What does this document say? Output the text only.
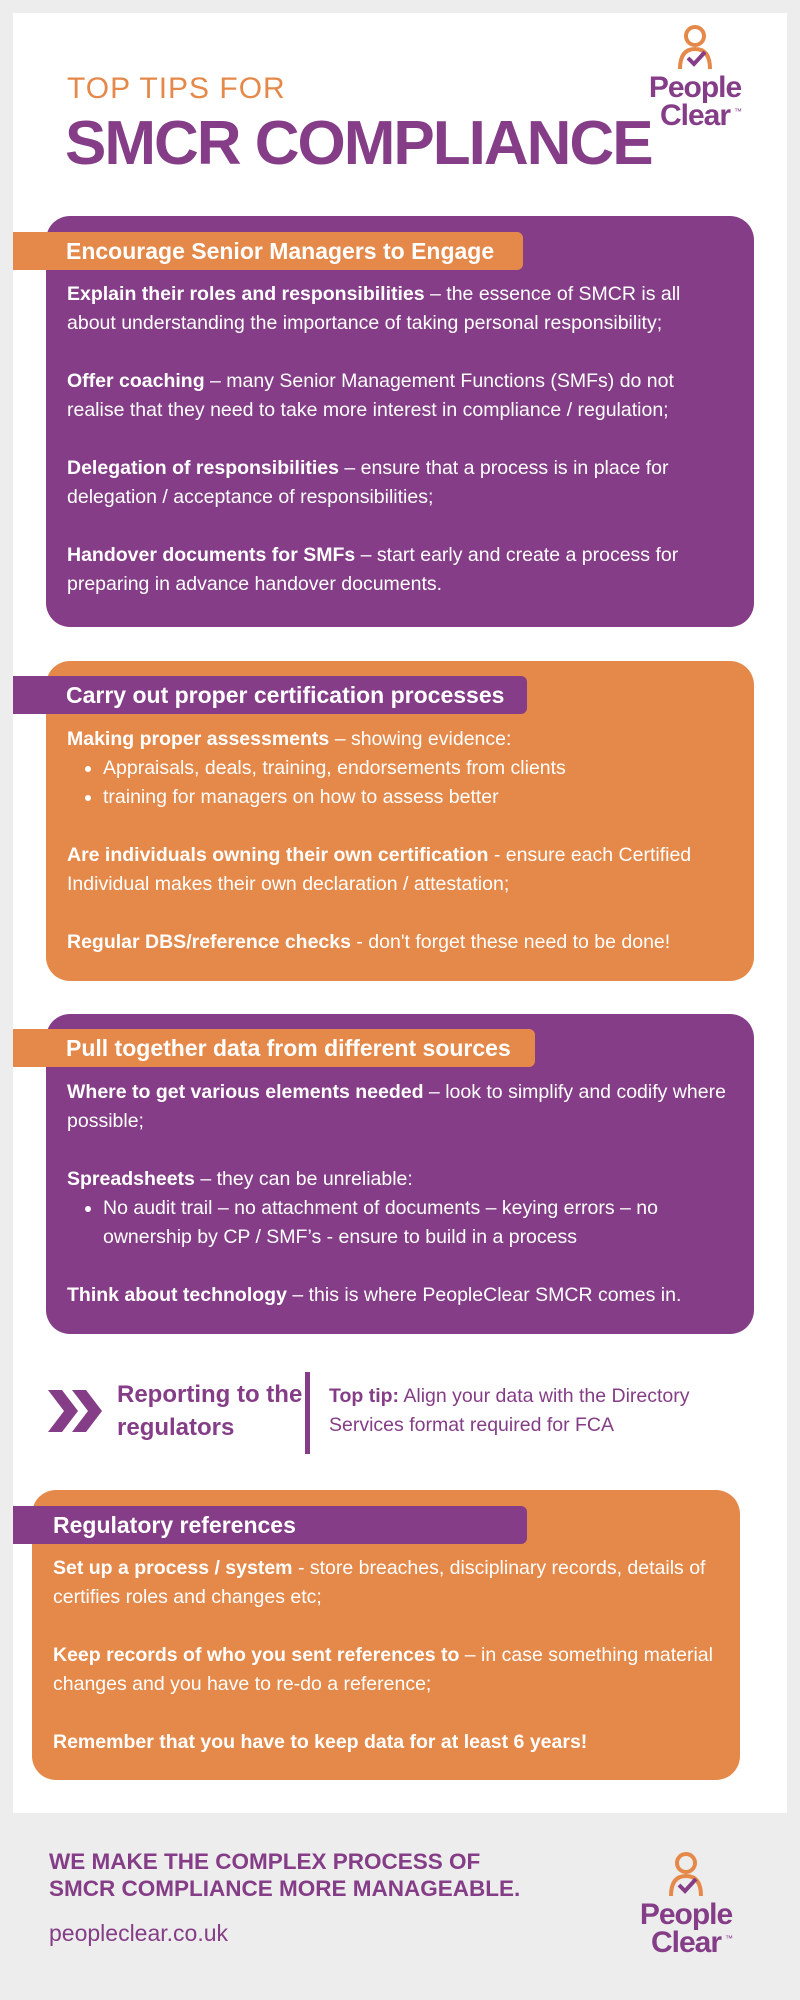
TOP TIPS FOR
SMCR COMPLIANCE
People
Clear ™
Encourage Senior Managers to Engage

Explain their roles and responsibilities – the essence of SMCR is all about understanding the importance of taking personal responsibility;

Offer coaching – many Senior Management Functions (SMFs) do not realise that they need to take more interest in compliance / regulation;

Delegation of responsibilities – ensure that a process is in place for delegation / acceptance of responsibilities;

Handover documents for SMFs – start early and create a process for preparing in advance handover documents.

Carry out proper certification processes

Making proper assessments – showing evidence:

• Appraisals, deals, training, endorsements from clients
• training for managers on how to assess better

Are individuals owning their own certification - ensure each Certified Individual makes their own declaration / attestation;

Regular DBS/reference checks - don't forget these need to be done!

Pull together data from different sources

Where to get various elements needed – look to simplify and codify where possible;

Spreadsheets – they can be unreliable:

• No audit trail – no attachment of documents – keying errors – no ownership by CP / SMF’s - ensure to build in a process

Think about technology – this is where PeopleClear SMCR comes in.

Reporting to the regulators
Top tip: Align your data with the Directory Services format required for FCA
Regulatory references

Set up a process / system - store breaches, disciplinary records, details of certifies roles and changes etc;

Keep records of who you sent references to – in case something material changes and you have to re-do a reference;

Remember that you have to keep data for at least 6 years!

WE MAKE THE COMPLEX PROCESS OF
SMCR COMPLIANCE MORE MANAGEABLE.
peopleclear.co.uk
People
Clear ™
